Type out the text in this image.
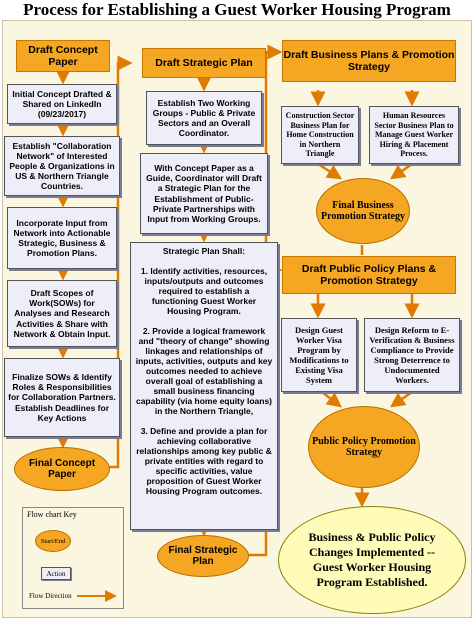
Process for Establishing a Guest Worker Housing Program
Draft Concept Paper
Initial Concept Drafted & Shared on LinkedIn (09/23/2017)
Establish "Collaboration Network" of Interested People & Organizations in US & Northern Triangle Countries.
Incorporate Input from Network into Actionable Strategic, Business & Promotion Plans.
Draft Scopes of Work(SOWs) for Analyses and Research Activities & Share with Network & Obtain Input.
Finalize SOWs & Identify Roles & Responsibilities for Collaboration Partners. Establish Deadlines for Key Actions
Final Concept Paper
Draft Strategic Plan
Establish Two Working Groups - Public & Private Sectors and an Overall Coordinator.
With Concept Paper as a Guide, Coordinator will Draft a Strategic Plan for the Establishment of Public-Private Partnerships with Input from Working Groups.
Strategic Plan Shall:
1. Identify activities, resources, inputs/outputs and outcomes required to establish a functioning Guest Worker Housing Program.
2. Provide a logical framework and "theory of change" showing linkages and relationships of inputs, activities, outputs and key outcomes needed to achieve overall goal of establishing a small business financing capability (via home equity loans) in the Northern Triangle,
3. Define and provide a plan for achieving collaborative relationships among key public & private entities with regard to specific activities, value proposition of Guest Worker Housing Program outcomes.
Final Strategic Plan
Draft Business Plans & Promotion Strategy
Construction Sector Business Plan for Home Construction in Northern Triangle
Human Resources Sector Business Plan to Manage Guest Worker Hiring & Placement Process.
Final Business Promotion Strategy
Draft Public Policy Plans & Promotion Strategy
Design Guest Worker Visa Program by Modifications to Existing Visa System
Design Reform to E-Verification & Business Compliance to Provide Strong Deterrence to Undocumented Workers.
Public Policy Promotion Strategy
Business & Public Policy Changes Implemented -- Guest Worker Housing Program Established.
Flow chart Key
Start/End
Action
Flow Direction
